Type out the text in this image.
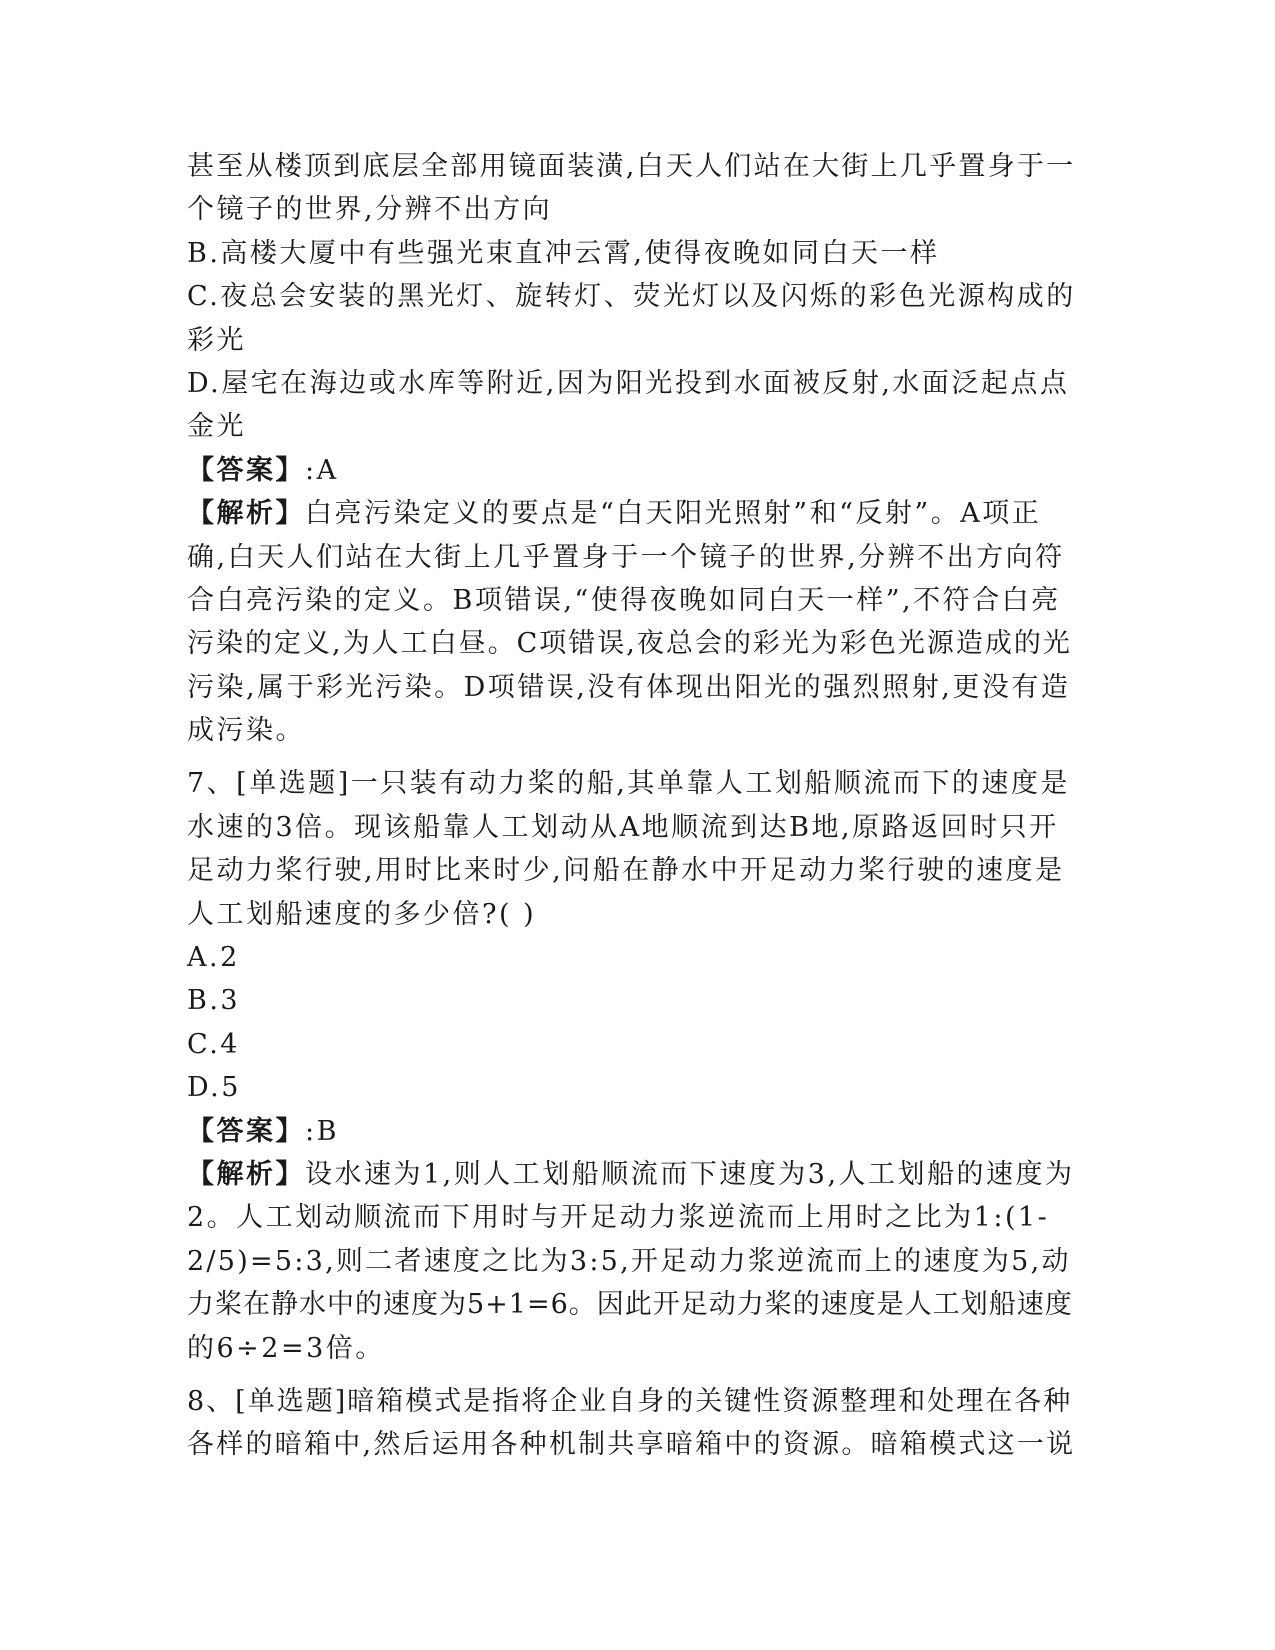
甚至从楼顶到底层全部用镜面装潢,白天人们站在大街上几乎置身于一
个镜子的世界,分辨不出方向
B.高楼大厦中有些强光束直冲云霄,使得夜晚如同白天一样
C.夜总会安装的黑光灯、旋转灯、荧光灯以及闪烁的彩色光源构成的
彩光
D.屋宅在海边或水库等附近,因为阳光投到水面被反射,水面泛起点点
金光
【答案】:A
【解析】白亮污染定义的要点是“白天阳光照射”和“反射”。A项正
确,白天人们站在大街上几乎置身于一个镜子的世界,分辨不出方向符
合白亮污染的定义。B项错误,“使得夜晚如同白天一样”,不符合白亮
污染的定义,为人工白昼。C项错误,夜总会的彩光为彩色光源造成的光
污染,属于彩光污染。D项错误,没有体现出阳光的强烈照射,更没有造
成污染。
7、[单选题]一只装有动力桨的船,其单靠人工划船顺流而下的速度是
水速的3倍。现该船靠人工划动从A地顺流到达B地,原路返回时只开
足动力桨行驶,用时比来时少,问船在静水中开足动力桨行驶的速度是
人工划船速度的多少倍?( )
A.2
B.3
C.4
D.5
【答案】:B
【解析】设水速为1,则人工划船顺流而下速度为3,人工划船的速度为
2。人工划动顺流而下用时与开足动力浆逆流而上用时之比为1:(1-
2/5)=5:3,则二者速度之比为3:5,开足动力浆逆流而上的速度为5,动
力桨在静水中的速度为5+1=6。因此开足动力桨的速度是人工划船速度
的6÷2=3倍。
8、[单选题]暗箱模式是指将企业自身的关键性资源整理和处理在各种
各样的暗箱中,然后运用各种机制共享暗箱中的资源。暗箱模式这一说
